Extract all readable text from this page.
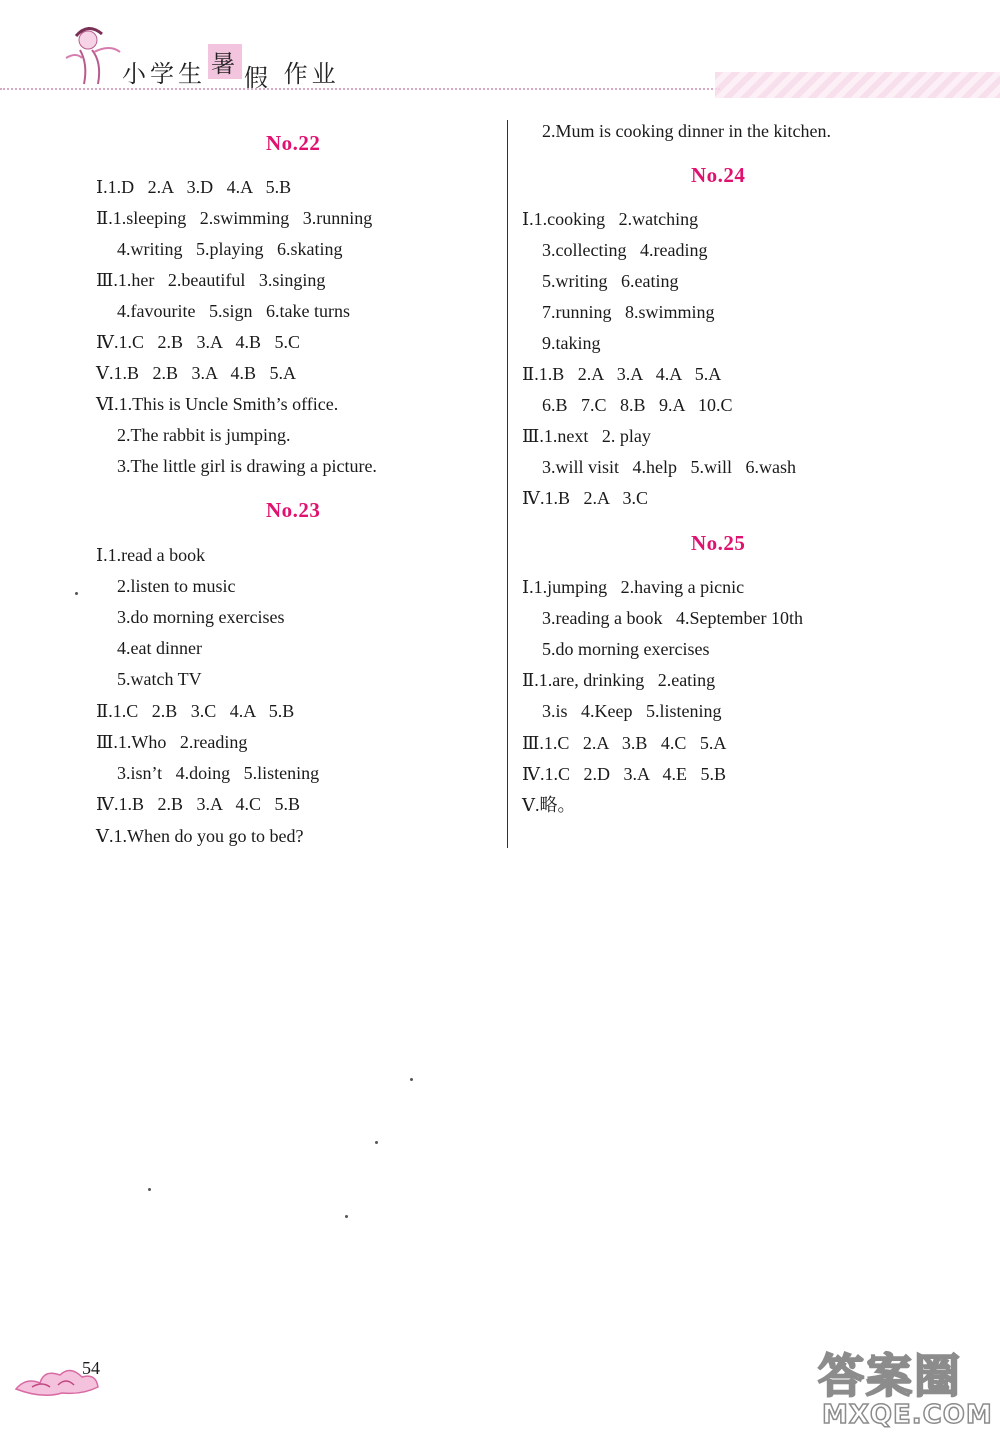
小学生 暑 假 作业
No.22
Ⅰ.1.D   2.A   3.D   4.A   5.B
Ⅱ.1.sleeping   2.swimming   3.running
4.writing   5.playing   6.skating
Ⅲ.1.her   2.beautiful   3.singing
4.favourite   5.sign   6.take turns
Ⅳ.1.C   2.B   3.A   4.B   5.C
Ⅴ.1.B   2.B   3.A   4.B   5.A
Ⅵ.1.This is Uncle Smith’s office.
2.The rabbit is jumping.
3.The little girl is drawing a picture.
No.23
Ⅰ.1.read a book
2.listen to music
3.do morning exercises
4.eat dinner
5.watch TV
Ⅱ.1.C   2.B   3.C   4.A   5.B
Ⅲ.1.Who   2.reading
3.isn’t   4.doing   5.listening
Ⅳ.1.B   2.B   3.A   4.C   5.B
Ⅴ.1.When do you go to bed?
2.Mum is cooking dinner in the kitchen.
No.24
Ⅰ.1.cooking   2.watching
3.collecting   4.reading
5.writing   6.eating
7.running   8.swimming
9.taking
Ⅱ.1.B   2.A   3.A   4.A   5.A
6.B   7.C   8.B   9.A   10.C
Ⅲ.1.next   2. play
3.will visit   4.help   5.will   6.wash
Ⅳ.1.B   2.A   3.C
No.25
Ⅰ.1.jumping   2.having a picnic
3.reading a book   4.September 10th
5.do morning exercises
Ⅱ.1.are, drinking   2.eating
3.is   4.Keep   5.listening
Ⅲ.1.C   2.A   3.B   4.C   5.A
Ⅳ.1.C   2.D   3.A   4.E   5.B
Ⅴ.略。
54	答案圈
MXQE.COM
